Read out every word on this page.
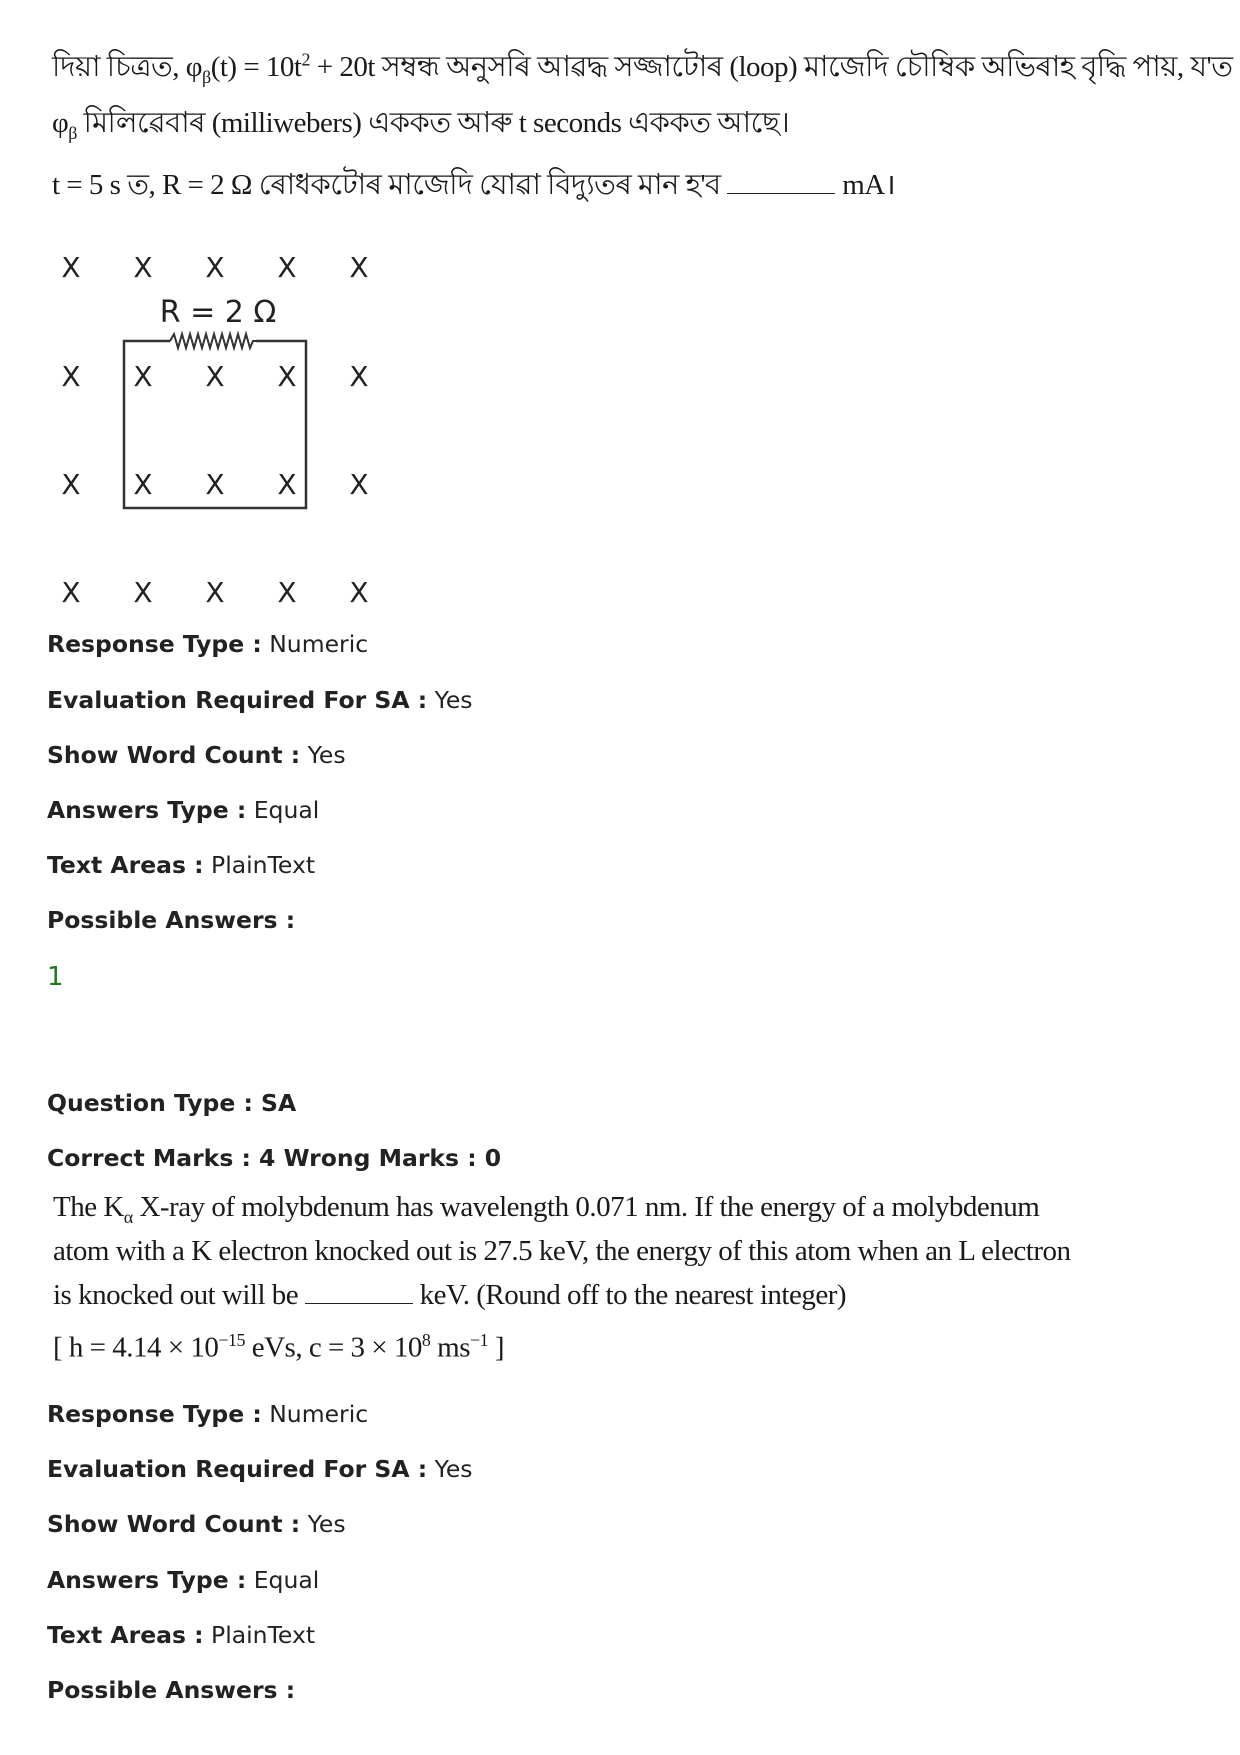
দিয়া চিত্ৰত, $\varphi_\beta(t) = 10t^2 + 20t$ সম্বন্ধ অনুসৰি আৱদ্ধ সজ্জাটোৰ (loop) মাজেদি চৌম্বিক অভিৰাহ বৃদ্ধি পায়, য'ত
$\varphi_\beta$ মিলিৱেবাৰ (milliwebers) এককত আৰু t seconds এককত আছে।
t = 5 s ত, R = 2 Ω ৰোধকটোৰ মাজেদি যোৱা বিদ্যুতৰ মান হ'ব	mA।
X X X X X
R = 2 Ω
X X X X X
X X X X X
X X X X X
Response Type : Numeric
Evaluation Required For SA : Yes
Show Word Count : Yes
Answers Type : Equal
Text Areas : PlainText
Possible Answers :
1
Question Type : SA
Correct Marks : 4 Wrong Marks : 0
The $K_\alpha$ X-ray of molybdenum has wavelength 0.071 nm. If the energy of a molybdenum
atom with a K electron knocked out is 27.5 keV, the energy of this atom when an L electron
is knocked out will be	keV. (Round off to the nearest integer)
[ $h = 4.14 \times 10^{-15}$ eVs, $c = 3 \times 10^8$ $ms^{-1}$ ]
Response Type : Numeric
Evaluation Required For SA : Yes
Show Word Count : Yes
Answers Type : Equal
Text Areas : PlainText
Possible Answers :
